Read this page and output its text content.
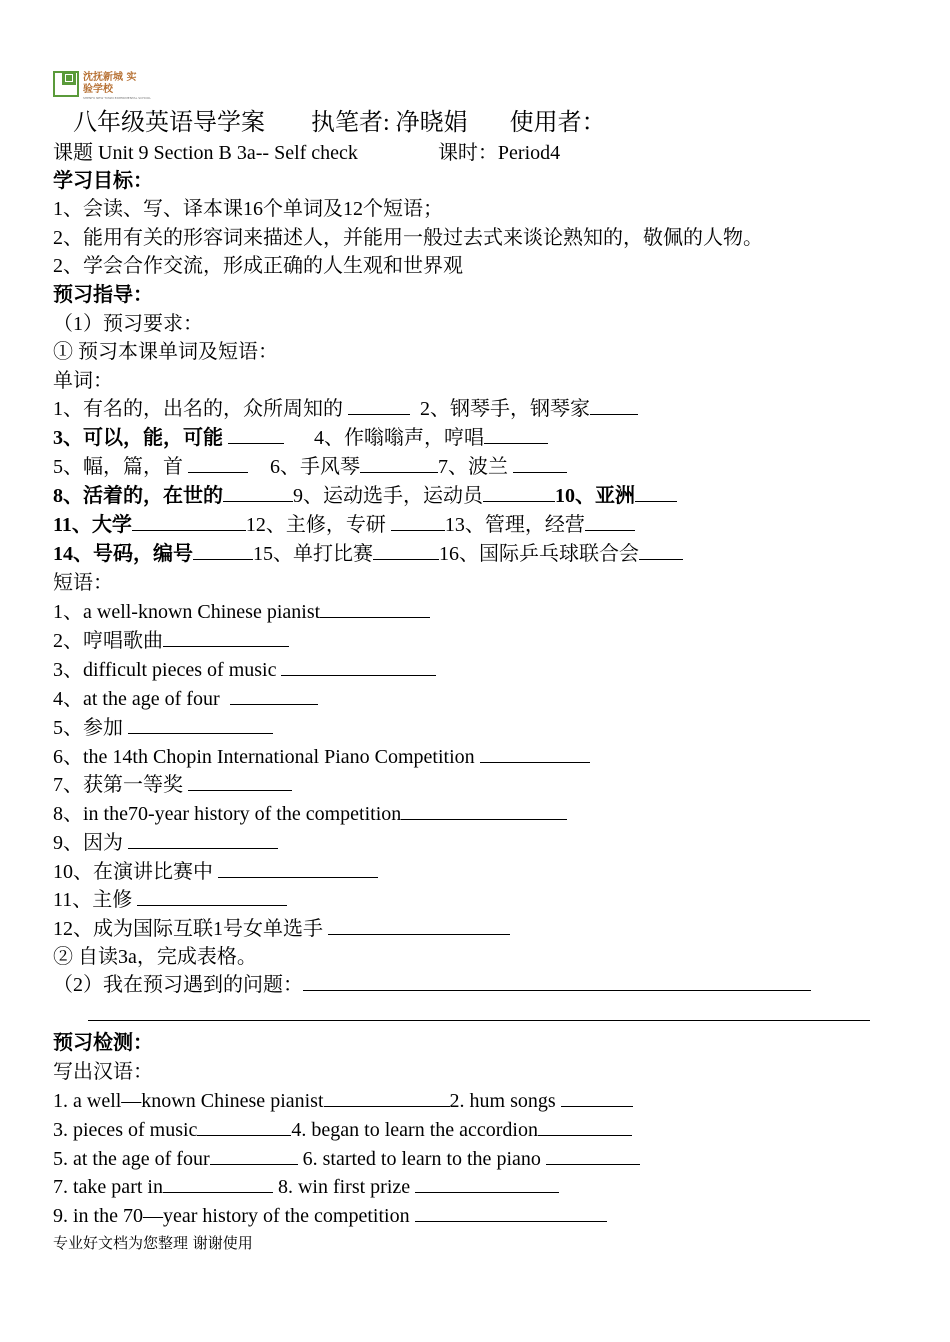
沈抚新城 实验学校
SHENFU NEW TOWN EXPERIMENTAL SCHOOL
八年级英语导学案 执笔者: 净晓娟 使用者：
课题 Unit 9 Section B 3a-- Self check	课时：Period4
学习目标：
1、会读、写、译本课16个单词及12个短语；
2、能用有关的形容词来描述人，并能用一般过去式来谈论熟知的，敬佩的人物。
2、学会合作交流，形成正确的人生观和世界观
预习指导：
（1）预习要求：
① 预习本课单词及短语：
单词：
1、有名的，出名的，众所周知的	2、钢琴手，钢琴家
3、可以，能，可能	4、作嗡嗡声，哼唱
5、幅，篇，首	6、手风琴	7、波兰
8、活着的，在世的	9、运动选手，运动员	10、亚洲
11、大学	12、主修，专研	13、管理，经营
14、号码，编号	15、单打比赛	16、国际乒乓球联合会
短语：
1、a well-known Chinese pianist
2、哼唱歌曲
3、difficult pieces of music
4、at the age of four
5、参加
6、the 14th Chopin International Piano Competition
7、获第一等奖
8、in the70-year history of the competition
9、因为
10、在演讲比赛中
11、主修
12、成为国际互联1号女单选手
② 自读3a，完成表格。
（2）我在预习遇到的问题：
预习检测：
写出汉语：
1. a well—known Chinese pianist	2. hum songs
3. pieces of music	4. began to learn the accordion
5. at the age of four	6. started to learn to the piano
7. take part in	8. win first prize
9. in the 70—year history of the competition
专业好文档为您整理 谢谢使用
